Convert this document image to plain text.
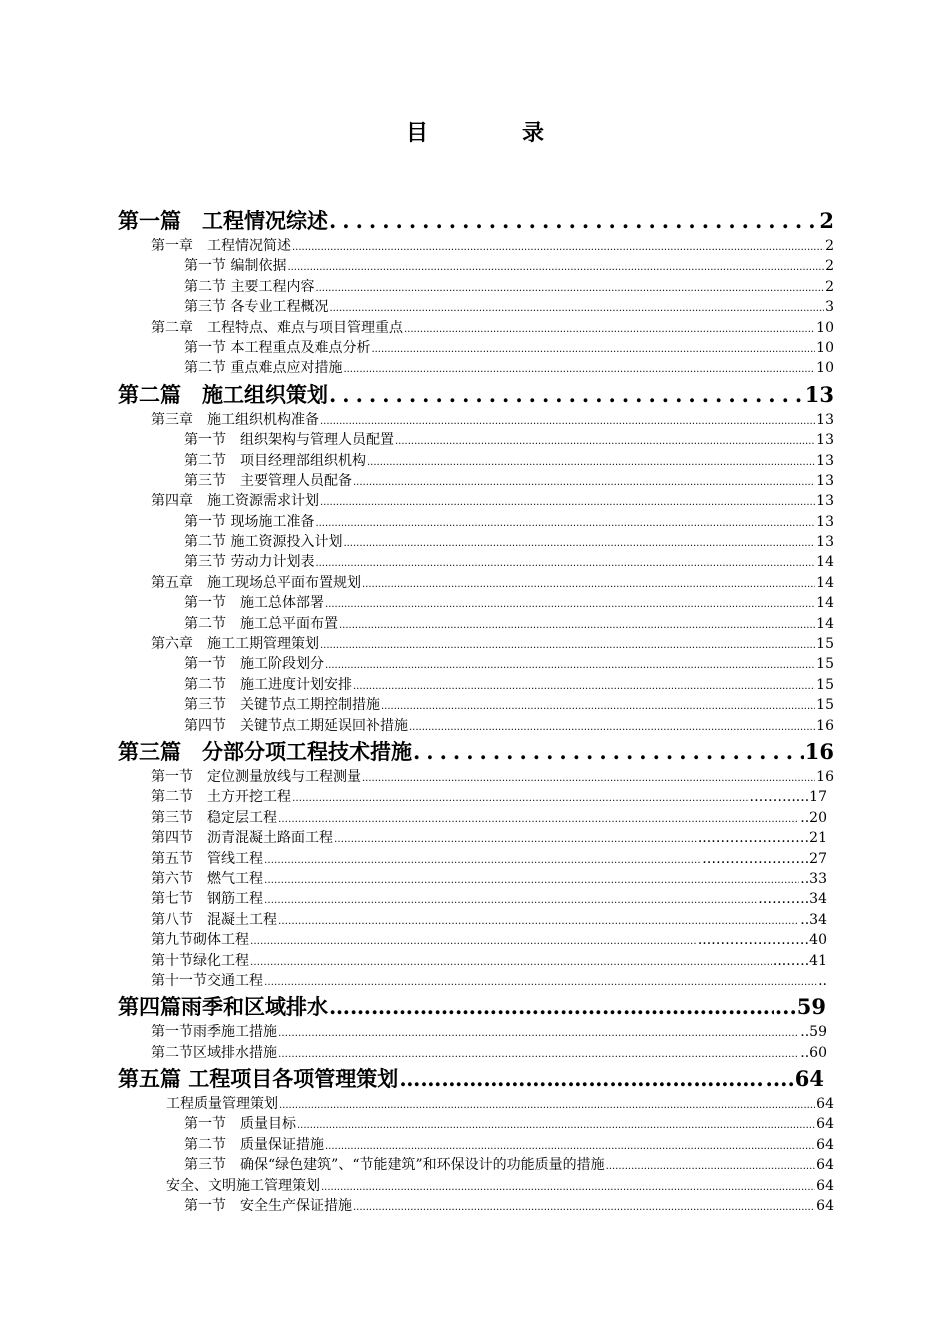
目　录
第一篇　工程情况综述 .....	2
第一章　工程情况简述 .....	2
第一节 编制依据 .....	2
第二节 主要工程内容 .....	2
第三节 各专业工程概况 .....	3
第二章　工程特点、难点与项目管理重点 .....	10
第一节 本工程重点及难点分析 .....	10
第二节 重点难点应对措施 .....	10
第二篇　施工组织策划 .....	13
第三章　施工组织机构准备 .....	13
第一节　组织架构与管理人员配置 .....	13
第二节　项目经理部组织机构 .....	13
第三节　主要管理人员配备 .....	13
第四章　施工资源需求计划 .....	13
第一节 现场施工准备 .....	13
第二节 施工资源投入计划 .....	13
第三节 劳动力计划表 .....	14
第五章　施工现场总平面布置规划 .....	14
第一节　施工总体部署 .....	14
第二节　施工总平面布置 .....	14
第六章　施工工期管理策划 .....	15
第一节　施工阶段划分 .....	15
第二节　施工进度计划安排 .....	15
第三节　关键节点工期控制措施 .....	15
第四节　关键节点工期延误回补措施 .....	16
第三篇　分部分项工程技术措施 .....	16
第一节　定位测量放线与工程测量 .....	16
第二节　土方开挖工程 …………………………………………………………………………………………………………………………………………………………………………………………	……….... 17
第三节　稳定层工程 …………………………………………………………………………………………………………………………………………………………………………………………	.. 20
第四节　沥青混凝土路面工程 …………………………………………………………………………………………………………………………………………………………………………………………	...………………… 21
第五节　管线工程 …………………………………………………………………………………………………………………………………………………………………………………………	.…………………. 27
第六节　燃气工程 …………………………………………………………………………………………………………………………………………………………………………………………	.. 33
第七节　钢筋工程 …………………………………………………………………………………………………………………………………………………………………………………………	.………. 34
第八节　混凝土工程 …………………………………………………………………………………………………………………………………………………………………………………………	.. 34
第九节砌体工程 …………………………………………………………………………………………………………………………………………………………………………………………	...………………… 40
第十节绿化工程 …………………………………………………………………………………………………………………………………………………………………………………………	....…. 41
第十一节交通工程 …………………………………………………………………………………………………………………………………………………………………………………………	..
第四篇雨季和区域排水 ………………………………………………………………………………………………………………………………………………………………	... 59
第一节雨季施工措施 …………………………………………………………………………………………………………………………………………………………………………………………	.. 59
第二节区域排水措施 …………………………………………………………………………………………………………………………………………………………………………………………	.. 60
第五篇 工程项目各项管理策划 ………………………………………………………………………………………………………………………………………………………………	.... 64
工程质量管理策划 .....	64
第一节　质量目标 .....	64
第二节　质量保证措施 .....	64
第三节　确保“绿色建筑”、“节能建筑”和环保设计的功能质量的措施 .....	64
安全、文明施工管理策划 .....	64
第一节　安全生产保证措施 .....	64
